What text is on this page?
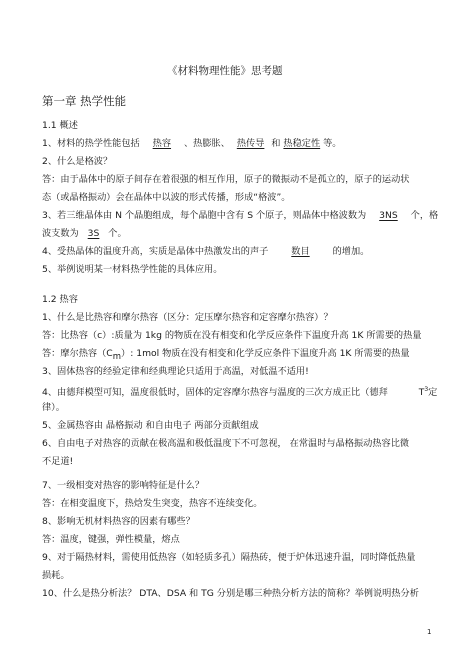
《材料物理性能》思考题
第一章 热学性能
1.1 概述
1、材料的热学性能包括 热容 、热膨胀、 热传导 和 热稳定性 等。
2、什么是格波？
答：由于晶体中的原子间存在着很强的相互作用，原子的微振动不是孤立的，原子的运动状
态（或晶格振动）会在晶体中以波的形式传播，形成“格波”。
3、若三维晶体由 N 个晶胞组成，每个晶胞中含有 S 个原子，则晶体中格波数为 3NS 个，格
波支数为 3S 个。
4、受热晶体的温度升高，实质是晶体中热激发出的声子 数目 的增加。
5、举例说明某一材料热学性能的具体应用。
1.2 热容
1、什么是比热容和摩尔热容（区分：定压摩尔热容和定容摩尔热容）？
答：比热容（c）:质量为 1kg 的物质在没有相变和化学反应条件下温度升高 1K 所需要的热量
答：摩尔热容$(C_m)$: 1mol 物质在没有相变和化学反应条件下温度升高 1K 所需要的热量
3、固体热容的经验定律和经典理论只适用于高温，对低温不适用!
4、由德拜模型可知，温度很低时，固体的定容摩尔热容与温度的三次方成正比（德拜	$T^3$定
律）。
5、金属热容由 晶格振动 和自由电子 两部分贡献组成
6、自由电子对热容的贡献在极高温和极低温度下不可忽视， 在常温时与晶格振动热容比微
不足道!
7、一级相变对热容的影响特征是什么？
答：在相变温度下，热焓发生突变，热容不连续变化。
8、影响无机材料热容的因素有哪些？
答：温度，键强，弹性模量，熔点
9、对于隔热材料，需使用低热容（如轻质多孔）隔热砖，便于炉体迅速升温，同时降低热量
损耗。
10、什么是热分析法？ DTA、DSA 和 TG 分别是哪三种热分析方法的简称？举例说明热分析
1
